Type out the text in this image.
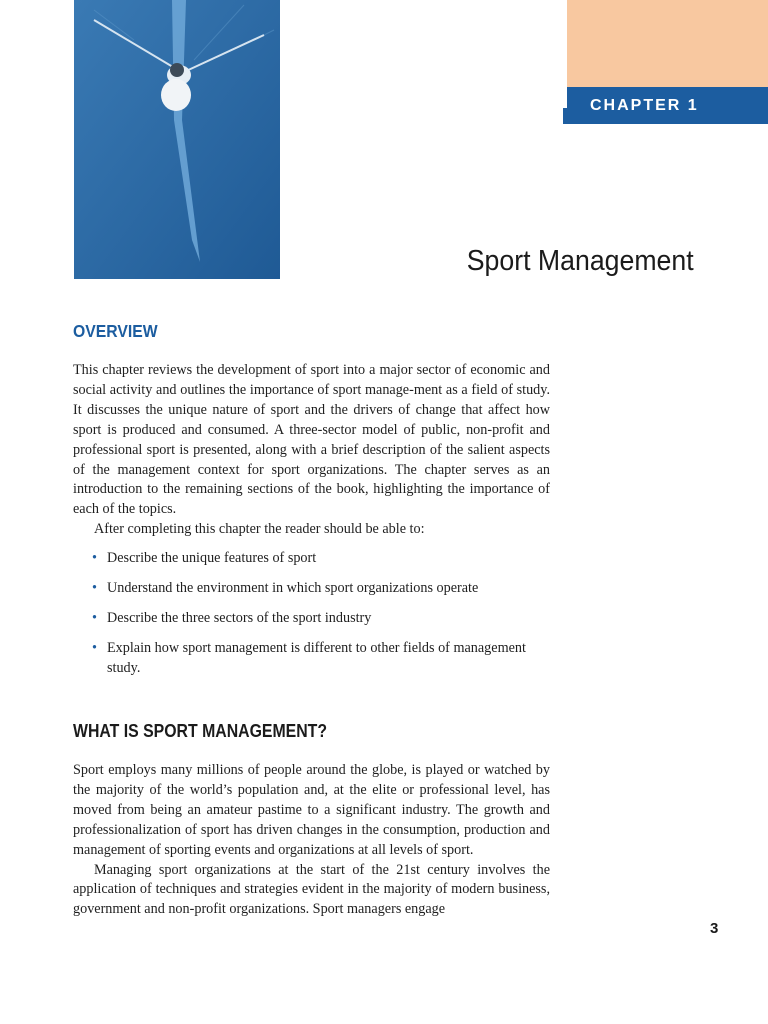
CHAPTER 1
Sport Management
OVERVIEW

This chapter reviews the development of sport into a major sector of economic and social activity and outlines the importance of sport manage-ment as a field of study. It discusses the unique nature of sport and the drivers of change that affect how sport is produced and consumed. A three-sector model of public, non-profit and professional sport is presented, along with a brief description of the salient aspects of the management context for sport organizations. The chapter serves as an introduction to the remaining sections of the book, highlighting the importance of each of the topics.

After completing this chapter the reader should be able to:

• Describe the unique features of sport
• Understand the environment in which sport organizations operate
• Describe the three sectors of the sport industry
• Explain how sport management is different to other fields of management study.
WHAT IS SPORT MANAGEMENT?

Sport employs many millions of people around the globe, is played or watched by the majority of the world’s population and, at the elite or professional level, has moved from being an amateur pastime to a significant industry. The growth and professionalization of sport has driven changes in the consumption, production and management of sporting events and organizations at all levels of sport.

Managing sport organizations at the start of the 21st century involves the application of techniques and strategies evident in the majority of modern business, government and non-profit organizations. Sport managers engage

3
